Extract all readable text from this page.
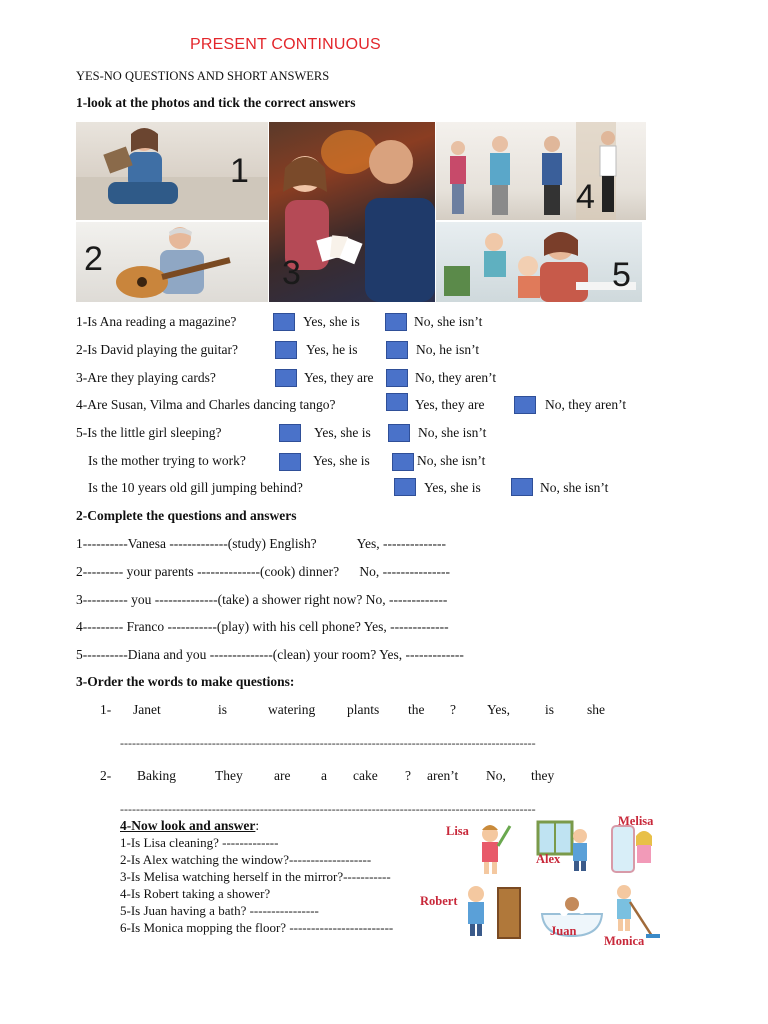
PRESENT CONTINUOUS
YES-NO QUESTIONS AND SHORT ANSWERS
1-look at the photos and tick the correct answers
1
2	3
4
5
1-Is Ana reading a magazine?	Yes, she is	No, she isn’t
2-Is David playing the guitar?	Yes, he is	No, he isn’t
3-Are they playing cards?	Yes, they are	No, they aren’t
4-Are Susan, Vilma and Charles dancing tango?	Yes, they are	No, they aren’t
5-Is the little girl sleeping?	Yes, she is	No, she isn’t
Is the mother trying to work?	Yes, she is	No, she isn’t
Is the 10 years old gill jumping behind?	Yes, she is	No, she isn’t
2-Complete the questions and answers
1----------Vanesa -------------(study) English?            Yes, --------------
2--------- your parents --------------(cook) dinner?      No, ---------------
3---------- you --------------(take) a shower right now? No, -------------
4--------- Franco -----------(play) with his cell phone? Yes, -------------
5----------Diana and you --------------(clean) your room? Yes, -------------
3-Order the words to make questions:
1- Janet	is	watering plants the ? Yes,	is she
--------------------------------------------------------------------------------------------------------
2- Baking	They are a cake ? aren’t No, they
--------------------------------------------------------------------------------------------------------
4-Now look and answer:
1-Is Lisa cleaning? -------------
2-Is Alex watching the window?-------------------
3-Is Melisa watching herself in the mirror?-----------
4-Is Robert taking a shower?
5-Is Juan having a bath? ----------------
6-Is Monica mopping the floor? ------------------------
Lisa
Melisa
Alex
Robert
Juan
Monica
